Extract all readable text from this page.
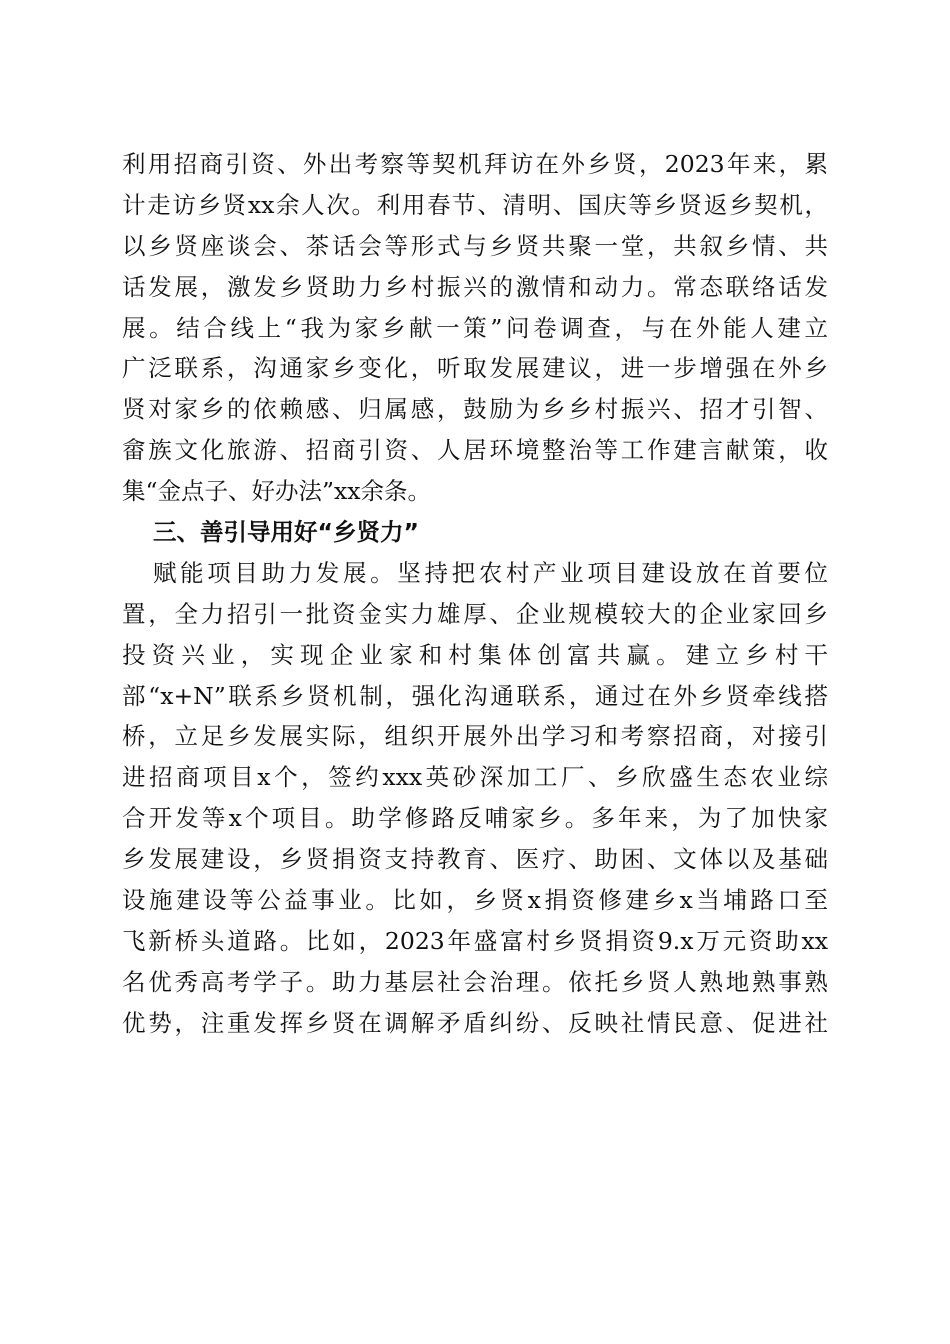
利用招商引资、外出考察等契机拜访在外乡贤，2023年来，累
计走访乡贤xx余人次。利用春节、清明、国庆等乡贤返乡契机，
以乡贤座谈会、茶话会等形式与乡贤共聚一堂，共叙乡情、共
话发展，激发乡贤助力乡村振兴的激情和动力。常态联络话发
展。结合线上“我为家乡献一策”问卷调查，与在外能人建立
广泛联系，沟通家乡变化，听取发展建议，进一步增强在外乡
贤对家乡的依赖感、归属感，鼓励为乡乡村振兴、招才引智、
畲族文化旅游、招商引资、人居环境整治等工作建言献策，收
集“金点子、好办法”xx余条。
三、善引导用好“乡贤力”
赋能项目助力发展。坚持把农村产业项目建设放在首要位
置，全力招引一批资金实力雄厚、企业规模较大的企业家回乡
投资兴业，实现企业家和村集体创富共赢。建立乡村干
部“x+N”联系乡贤机制，强化沟通联系，通过在外乡贤牵线搭
桥，立足乡发展实际，组织开展外出学习和考察招商，对接引
进招商项目x个，签约xxx英砂深加工厂、乡欣盛生态农业综
合开发等x个项目。助学修路反哺家乡。多年来，为了加快家
乡发展建设，乡贤捐资支持教育、医疗、助困、文体以及基础
设施建设等公益事业。比如，乡贤x捐资修建乡x当埔路口至
飞新桥头道路。比如，2023年盛富村乡贤捐资9.x万元资助xx
名优秀高考学子。助力基层社会治理。依托乡贤人熟地熟事熟
优势，注重发挥乡贤在调解矛盾纠纷、反映社情民意、促进社
